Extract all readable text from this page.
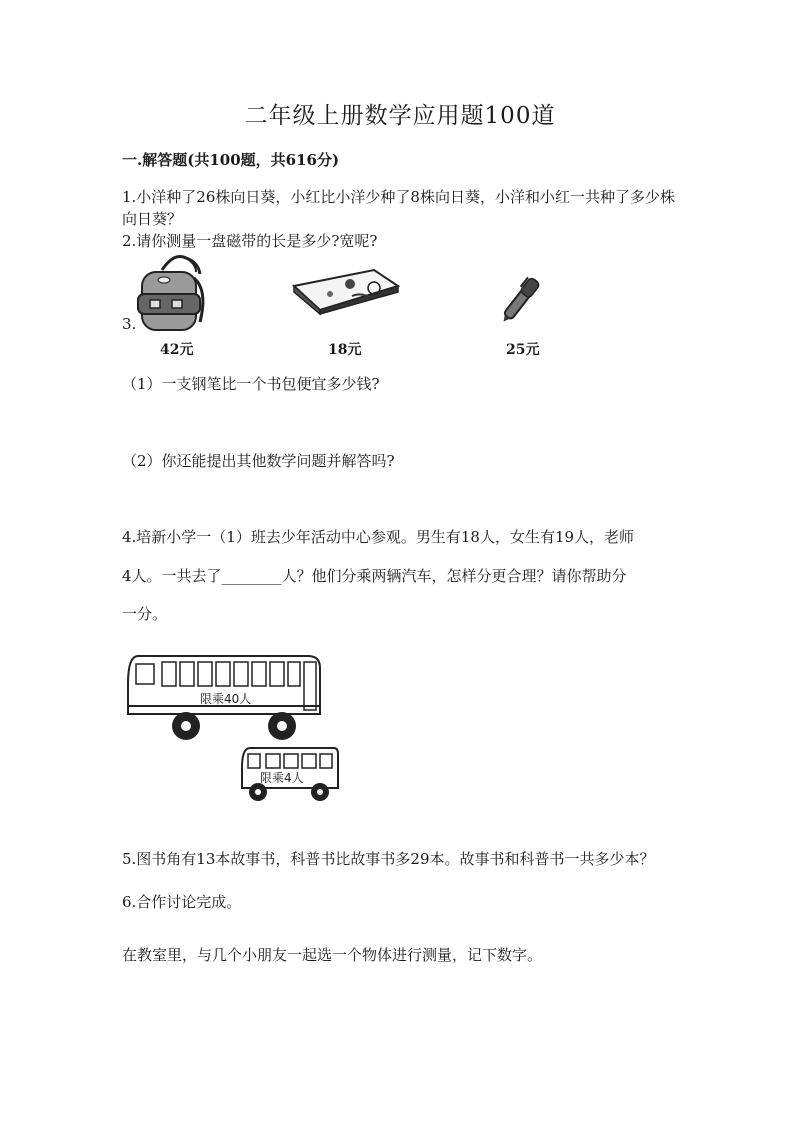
二年级上册数学应用题100道
一.解答题(共100题，共616分)
1.小洋种了26株向日葵，小红比小洋少种了8株向日葵，小洋和小红一共种了多少株向日葵？
2.请你测量一盘磁带的长是多少?宽呢?
3.
42元	18元	25元
（1）一支钢笔比一个书包便宜多少钱?
（2）你还能提出其他数学问题并解答吗?
4.培新小学一（1）班去少年活动中心参观。男生有18人，女生有19人，老师
4人。一共去了________人？他们分乘两辆汽车，怎样分更合理？请你帮助分
一分。
限乘40人
限乘4人
5.图书角有13本故事书，科普书比故事书多29本。故事书和科普书一共多少本？
6.合作讨论完成。
在教室里，与几个小朋友一起选一个物体进行测量，记下数字。
